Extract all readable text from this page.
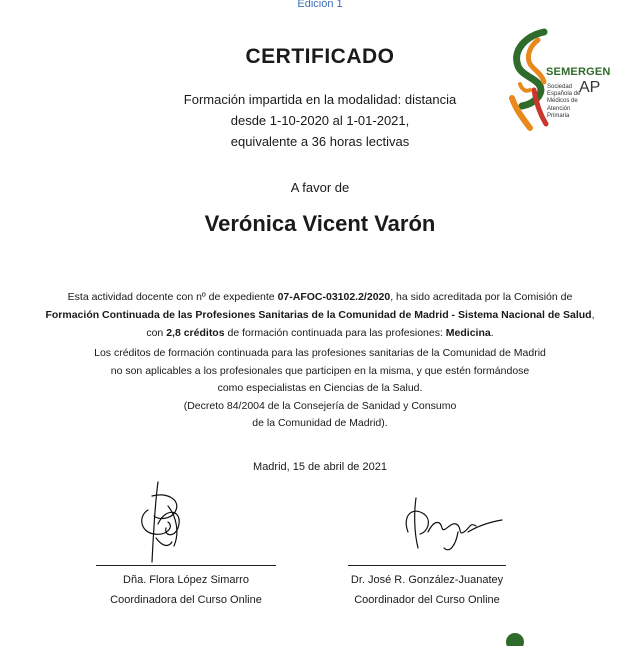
Edición 1
CERTIFICADO
Formación impartida en la modalidad: distancia
desde 1-10-2020 al 1-01-2021,
equivalente a 36 horas lectivas
A favor de
Verónica Vicent Varón
Esta actividad docente con nº de expediente 07-AFOC-03102.2/2020, ha sido acreditada por la Comisión de
Formación Continuada de las Profesiones Sanitarias de la Comunidad de Madrid - Sistema Nacional de Salud, con 2,8 créditos de formación continuada para las profesiones: Medicina.
Los créditos de formación continuada para las profesiones sanitarias de la Comunidad de Madrid
no son aplicables a los profesionales que participen en la misma, y que estén formándose
como especialistas en Ciencias de la Salud.
(Decreto 84/2004 de la Consejería de Sanidad y Consumo
de la Comunidad de Madrid).
Madrid, 15 de abril de 2021
Dña. Flora López Simarro
Coordinadora del Curso Online
Dr. José R. González-Juanatey
Coordinador del Curso Online
SEMERGEN
AP
Sociedad
Española de
Médicos de
Atención Primaria
